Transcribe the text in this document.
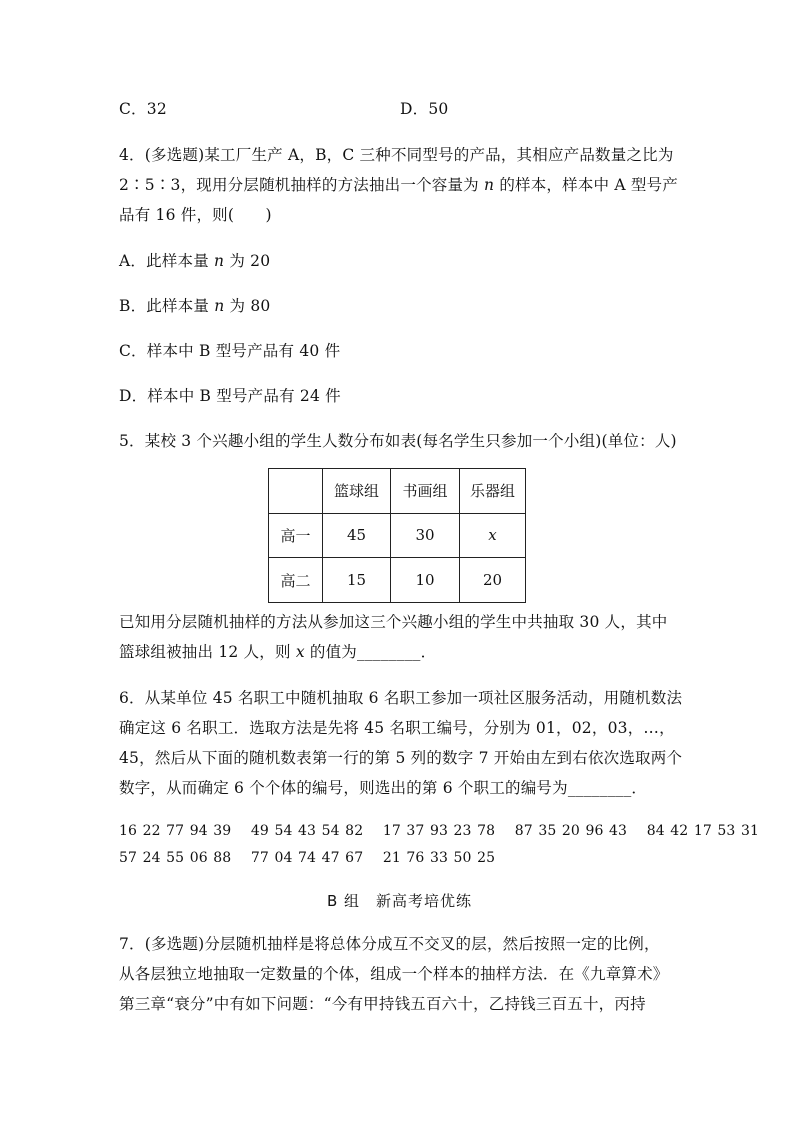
C．32	D．50
4．(多选题)某工厂生产 A，B，C 三种不同型号的产品，其相应产品数量之比为
2∶5∶3，现用分层随机抽样的方法抽出一个容量为 n 的样本，样本中 A 型号产
品有 16 件，则(　　)
A．此样本量 n 为 20
B．此样本量 n 为 80
C．样本中 B 型号产品有 40 件
D．样本中 B 型号产品有 24 件
5．某校 3 个兴趣小组的学生人数分布如表(每名学生只参加一个小组)(单位：人)
	篮球组	书画组	乐器组
高一	45	30	x
高二	15	10	20
已知用分层随机抽样的方法从参加这三个兴趣小组的学生中共抽取 30 人，其中
篮球组被抽出 12 人，则 x 的值为________．
6．从某单位 45 名职工中随机抽取 6 名职工参加一项社区服务活动，用随机数法
确定这 6 名职工．选取方法是先将 45 名职工编号，分别为 01，02，03，…，
45，然后从下面的随机数表第一行的第 5 列的数字 7 开始由左到右依次选取两个
数字，从而确定 6 个个体的编号，则选出的第 6 个职工的编号为________．
16 22 77 94 39　 49 54 43 54 82　 17 37 93 23 78　 87 35 20 96 43　 84 42 17 53 31
57 24 55 06 88　 77 04 74 47 67　 21 76 33 50 25
B 组　新高考培优练
7．(多选题)分层随机抽样是将总体分成互不交叉的层，然后按照一定的比例，
从各层独立地抽取一定数量的个体，组成一个样本的抽样方法．在《九章算术》
第三章“衰分”中有如下问题：“今有甲持钱五百六十，乙持钱三百五十，丙持
